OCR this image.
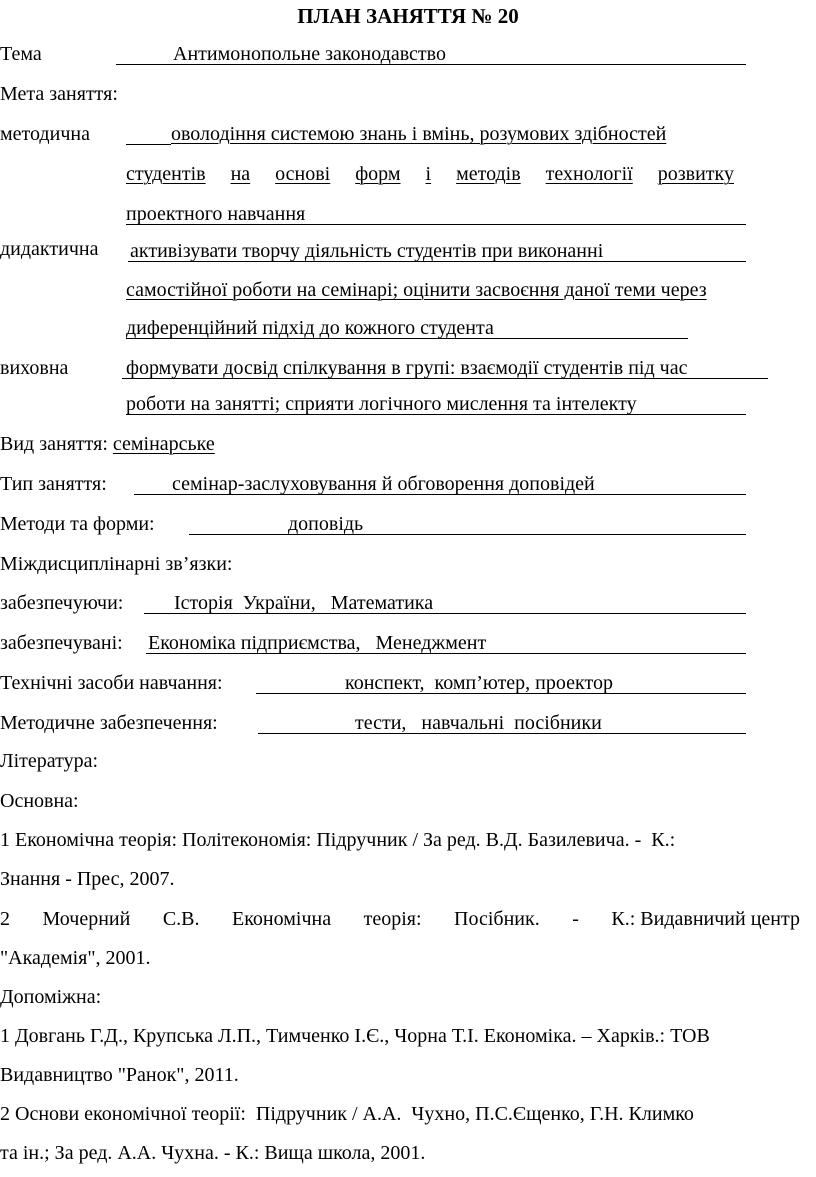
ПЛАН ЗАНЯТТЯ № 20
Тема	Антимонопольне законодавство
Мета заняття:
методична	оволодіння системою знань і вмінь, розумових здібностей
студентів на основі форм і методів технології розвитку
проектного навчання
дидактична активізувати творчу діяльність студентів при виконанні
самостійної роботи на семінарі; оцінити засвоєння даної теми через
диференційний підхід до кожного студента
виховна	формувати досвід спілкування в групі: взаємодії студентів під час
роботи на занятті; сприяти логічного мислення та інтелекту
Вид заняття: семінарське
Тип заняття:	семінар-заслуховування й обговорення доповідей
Методи та форми:	доповідь
Міждисциплінарні зв’язки:
забезпечуючи:	Історія  України,   Математика
забезпечувані: Економіка підприємства,   Менеджмент
Технічні засоби навчання:	конспект,  комп’ютер, проектор
Методичне забезпечення:	тести,   навчальні  посібники
Література:
Основна:
1 Економічна теорія: Політекономія: Підручник / За ред. В.Д. Базилевича. -  К.:
Знання - Прес, 2007.
2 Мочерний С.В. Економічна теорія: Посібник. - К.: Видавничий центр
"Академія", 2001.
Допоміжна:
1 Довгань Г.Д., Крупська Л.П., Тимченко І.Є., Чорна Т.І. Економіка. – Харків.: ТОВ
Видавництво "Ранок", 2011.
2 Основи економічної теорії:  Підручник / А.А.  Чухно, П.С.Єщенко, Г.Н. Климко
та ін.; За ред. А.А. Чухна. - К.: Вища школа, 2001.
